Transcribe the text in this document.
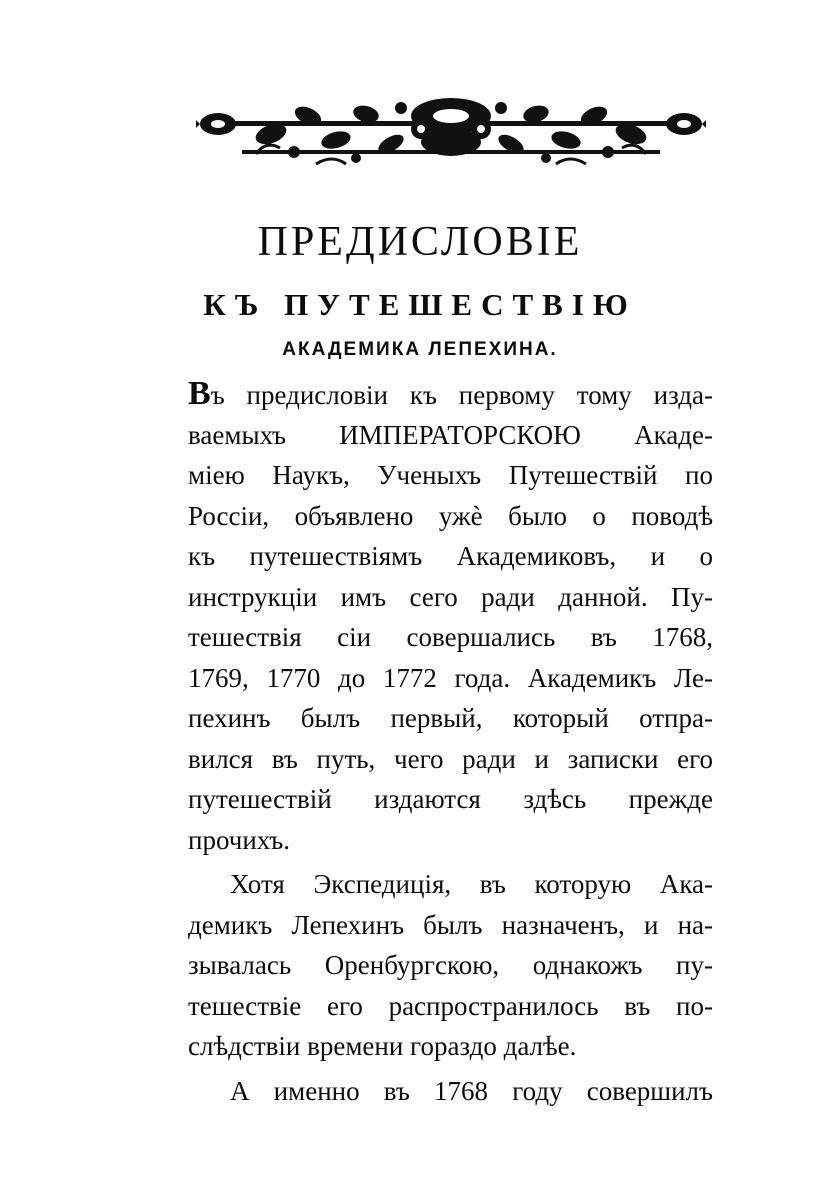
ПРЕДИСЛОВІЕ
КЪ ПУТЕШЕСТВІЮ
АКАДЕМИКА ЛЕПЕХИНА.
Въ предисловіи къ первому тому изда-
ваемыхъ ИМПЕРАТОРСКОЮ Акаде-
міею Наукъ, Ученыхъ Путешествій по
Россіи, объявлено ужѐ было о поводѣ
къ путешествіямъ Академиковъ, и о
инструкціи имъ сего ради данной. Пу-
тешествія сіи совершались въ 1768,
1769, 1770 до 1772 года. Академикъ Ле-
пехинъ былъ первый, который отпра-
вился въ путь, чего ради и записки его
путешествій издаются здѣсь прежде
прочихъ.
Хотя Экспедиція, въ которую Ака-
демикъ Лепехинъ былъ назначенъ, и на-
зывалась Оренбургскою, однакожъ пу-
тешествіе его распространилось въ по-
слѣдствіи времени гораздо далѣе.
А именно въ 1768 году совершилъ
